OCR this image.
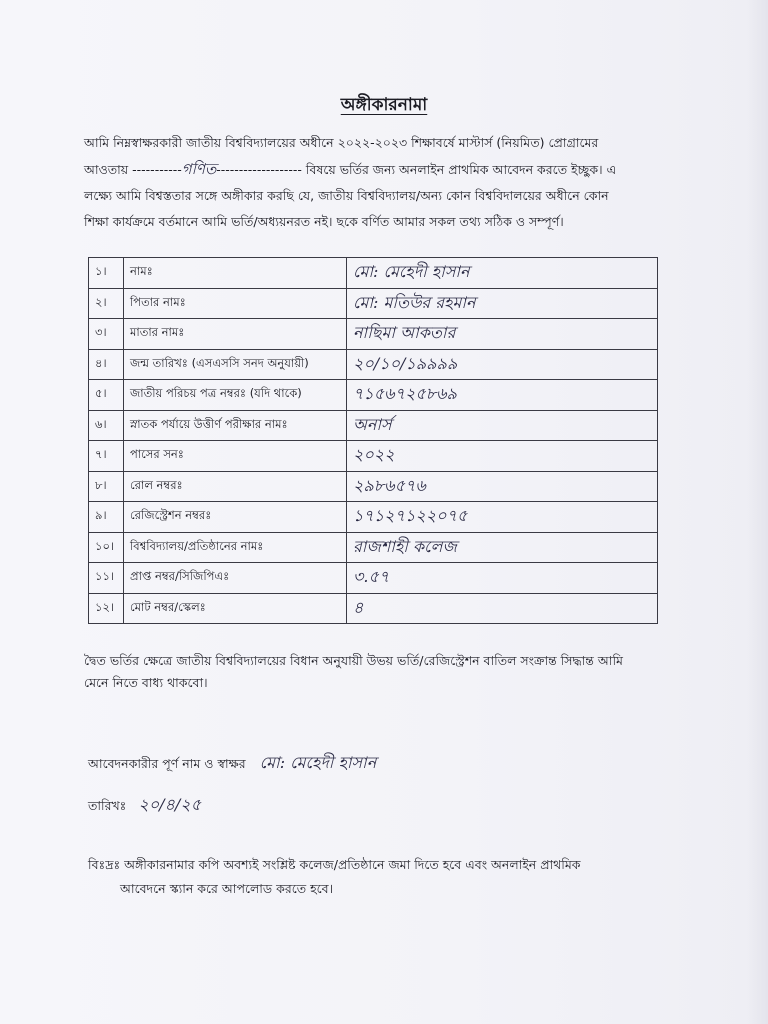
অঙ্গীকারনামা
আমি নিম্নস্বাক্ষরকারী জাতীয় বিশ্ববিদ্যালয়ের অধীনে ২০২২-২০২৩ শিক্ষাবর্ষে মাস্টার্স (নিয়মিত) প্রোগ্রামের
আওতায় -----------গণিত------------------- বিষয়ে ভর্তির জন্য অনলাইন প্রাথমিক আবেদন করতে ইচ্ছুক। এ
লক্ষ্যে আমি বিশ্বস্ততার সঙ্গে অঙ্গীকার করছি যে, জাতীয় বিশ্ববিদ্যালয়/অন্য কোন বিশ্ববিদালয়ের অধীনে কোন
শিক্ষা কার্যক্রমে বর্তমানে আমি ভর্তি/অধ্যয়নরত নই। ছকে বর্ণিত আমার সকল তথ্য সঠিক ও সম্পূর্ণ।
১।	নামঃ	মো: মেহেদী হাসান
২।	পিতার নামঃ	মো: মতিউর রহমান
৩।	মাতার নামঃ	নাছিমা আকতার
৪।	জন্ম তারিখঃ (এসএসসি সনদ অনুযায়ী)	২০/১০/১৯৯৯৯
৫।	জাতীয় পরিচয় পত্র নম্বরঃ (যদি থাকে)	৭১৫৬৭২৫৮৬৯
৬।	স্নাতক পর্যায়ে উত্তীর্ণ পরীক্ষার নামঃ	অনার্স
৭।	পাসের সনঃ	২০২২
৮।	রোল নম্বরঃ	২৯৮৬৫৭৬
৯।	রেজিস্ট্রেশন নম্বরঃ	১৭১২৭১২২০৭৫
১০।	বিশ্ববিদ্যালয়/প্রতিষ্ঠানের নামঃ	রাজশাহী কলেজ
১১।	প্রাপ্ত নম্বর/সিজিপিএঃ	৩.৫৭
১২।	মোট নম্বর/স্কেলঃ	৪
দ্বৈত ভর্তির ক্ষেত্রে জাতীয় বিশ্ববিদ্যালয়ের বিধান অনুযায়ী উভয় ভর্তি/রেজিস্ট্রেশন বাতিল সংক্রান্ত সিদ্ধান্ত আমি
মেনে নিতে বাধ্য থাকবো।
আবেদনকারীর পূর্ণ নাম ও স্বাক্ষর মো: মেহেদী হাসান
তারিখঃ ২০/৪/২৫
বিঃদ্রঃ অঙ্গীকারনামার কপি অবশ্যই সংশ্লিষ্ট কলেজ/প্রতিষ্ঠানে জমা দিতে হবে এবং অনলাইন প্রাথমিক
আবেদনে স্ক্যান করে আপলোড করতে হবে।
